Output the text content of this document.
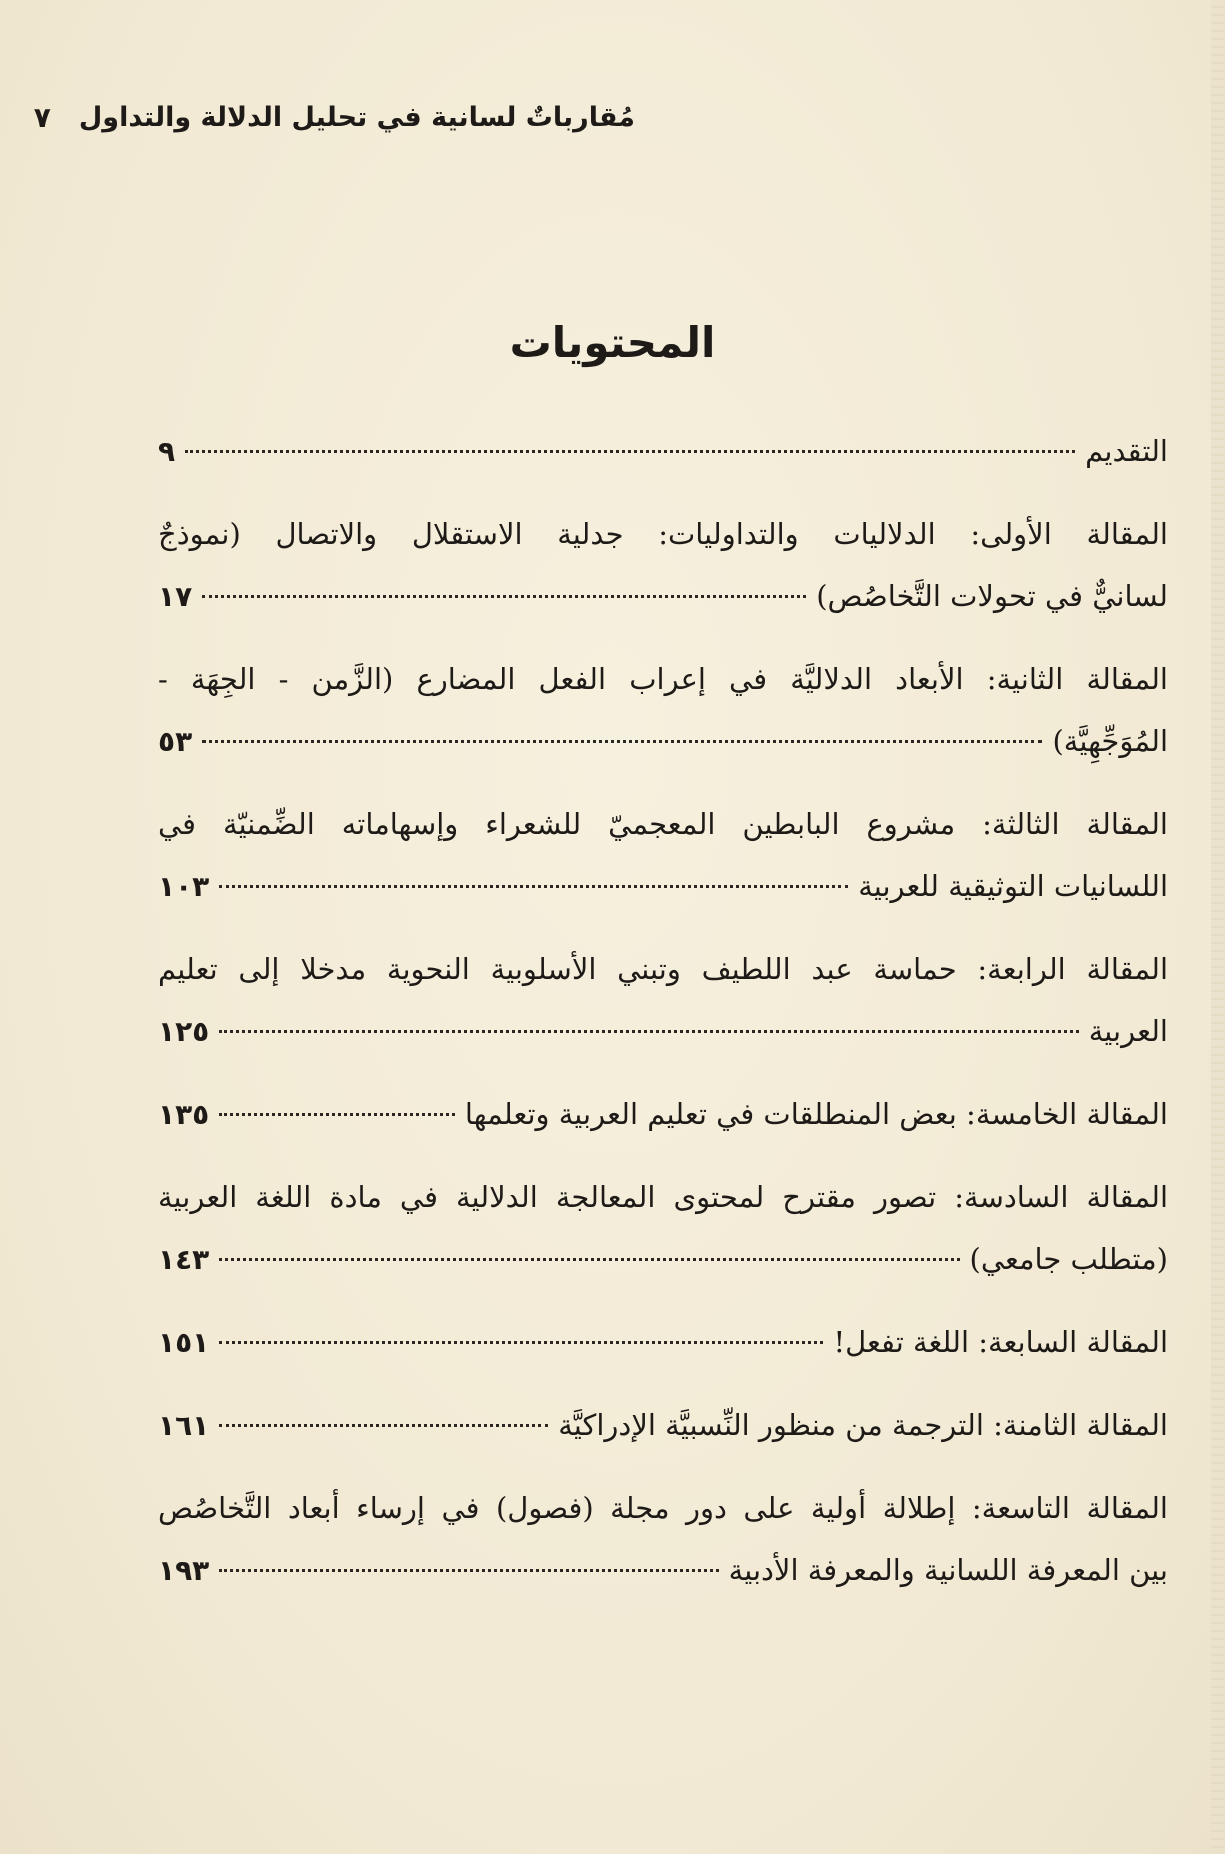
مُقارباتٌ لسانية في تحليل الدلالة والتداول
٧
المحتويات
التقديم
٩
المقالة الأولى: الدلاليات والتداوليات: جدلية الاستقلال والاتصال (نموذجٌ
لسانيٌّ في تحولات التَّخاصُص)
١٧
المقالة الثانية: الأبعاد الدلاليَّة في إعراب الفعل المضارع (الزَّمن - الجِهَة -
المُوَجِّهِيَّة)
٥٣
المقالة الثالثة: مشروع البابطين المعجميّ للشعراء وإسهاماته الضِّمنيّة في
اللسانيات التوثيقية للعربية
١٠٣
المقالة الرابعة: حماسة عبد اللطيف وتبني الأسلوبية النحوية مدخلا إلى تعليم
العربية
١٢٥
المقالة الخامسة: بعض المنطلقات في تعليم العربية وتعلمها
١٣٥
المقالة السادسة: تصور مقترح لمحتوى المعالجة الدلالية في مادة اللغة العربية
(متطلب جامعي)
١٤٣
المقالة السابعة: اللغة تفعل!
١٥١
المقالة الثامنة: الترجمة من منظور النِّسبيَّة الإدراكيَّة
١٦١
المقالة التاسعة: إطلالة أولية على دور مجلة (فصول) في إرساء أبعاد التَّخاصُص
بين المعرفة اللسانية والمعرفة الأدبية
١٩٣
